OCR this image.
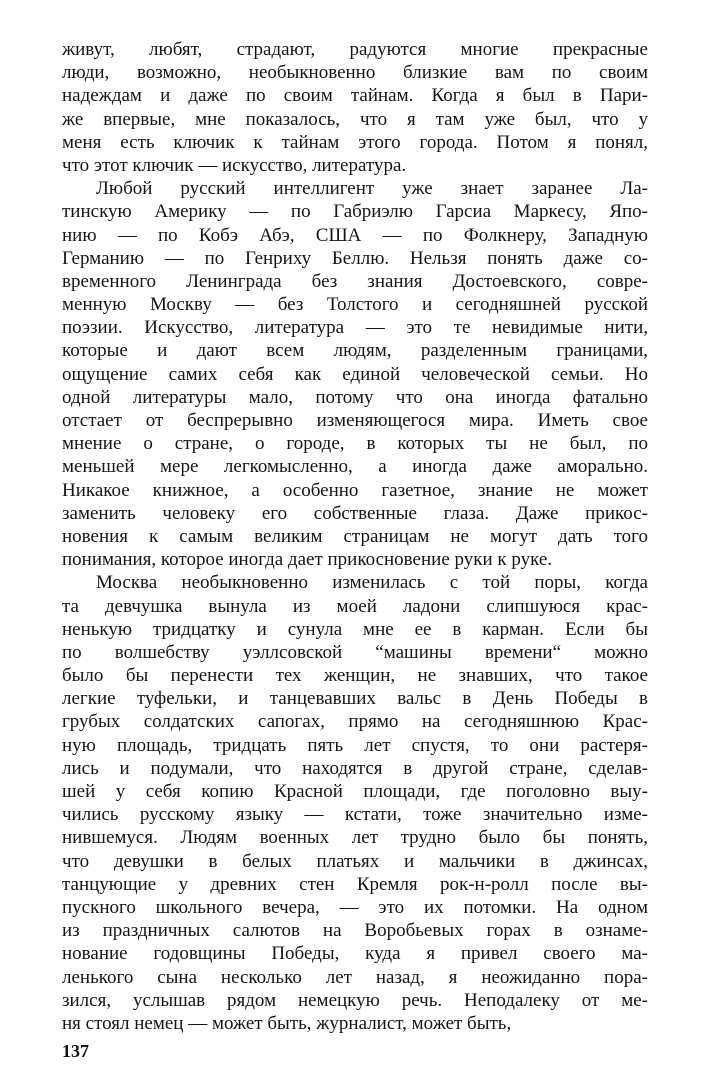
живут, любят, страдают, радуются многие прекрасные
люди, возможно, необыкновенно близкие вам по своим
надеждам и даже по своим тайнам. Когда я был в Пари-
же впервые, мне показалось, что я там уже был, что у
меня есть ключик к тайнам этого города. Потом я понял,
что этот ключик — искусство, литература.
Любой русский интеллигент уже знает заранее Ла-
тинскую Америку — по Габриэлю Гарсиа Маркесу, Япо-
нию — по Кобэ Абэ, США — по Фолкнеру, Западную
Германию — по Генриху Беллю. Нельзя понять даже со-
временного Ленинграда без знания Достоевского, совре-
менную Москву — без Толстого и сегодняшней русской
поэзии. Искусство, литература — это те невидимые нити,
которые и дают всем людям, разделенным границами,
ощущение самих себя как единой человеческой семьи. Но
одной литературы мало, потому что она иногда фатально
отстает от беспрерывно изменяющегося мира. Иметь свое
мнение о стране, о городе, в которых ты не был, по
меньшей мере легкомысленно, а иногда даже аморально.
Никакое книжное, а особенно газетное, знание не может
заменить человеку его собственные глаза. Даже прикос-
новения к самым великим страницам не могут дать того
понимания, которое иногда дает прикосновение руки к руке.
Москва необыкновенно изменилась с той поры, когда
та девчушка вынула из моей ладони слипшуюся крас-
ненькую тридцатку и сунула мне ее в карман. Если бы
по волшебству уэллсовской “машины времени“ можно
было бы перенести тех женщин, не знавших, что такое
легкие туфельки, и танцевавших вальс в День Победы в
грубых солдатских сапогах, прямо на сегодняшнюю Крас-
ную площадь, тридцать пять лет спустя, то они растеря-
лись и подумали, что находятся в другой стране, сделав-
шей у себя копию Красной площади, где поголовно выу-
чились русскому языку — кстати, тоже значительно изме-
нившемуся. Людям военных лет трудно было бы понять,
что девушки в белых платьях и мальчики в джинсах,
танцующие у древних стен Кремля рок-н-ролл после вы-
пускного школьного вечера, — это их потомки. На одном
из праздничных салютов на Воробьевых горах в ознаме-
нование годовщины Победы, куда я привел своего ма-
ленького сына несколько лет назад, я неожиданно пора-
зился, услышав рядом немецкую речь. Неподалеку от ме-
ня стоял немец — может быть, журналист, может быть,
137
